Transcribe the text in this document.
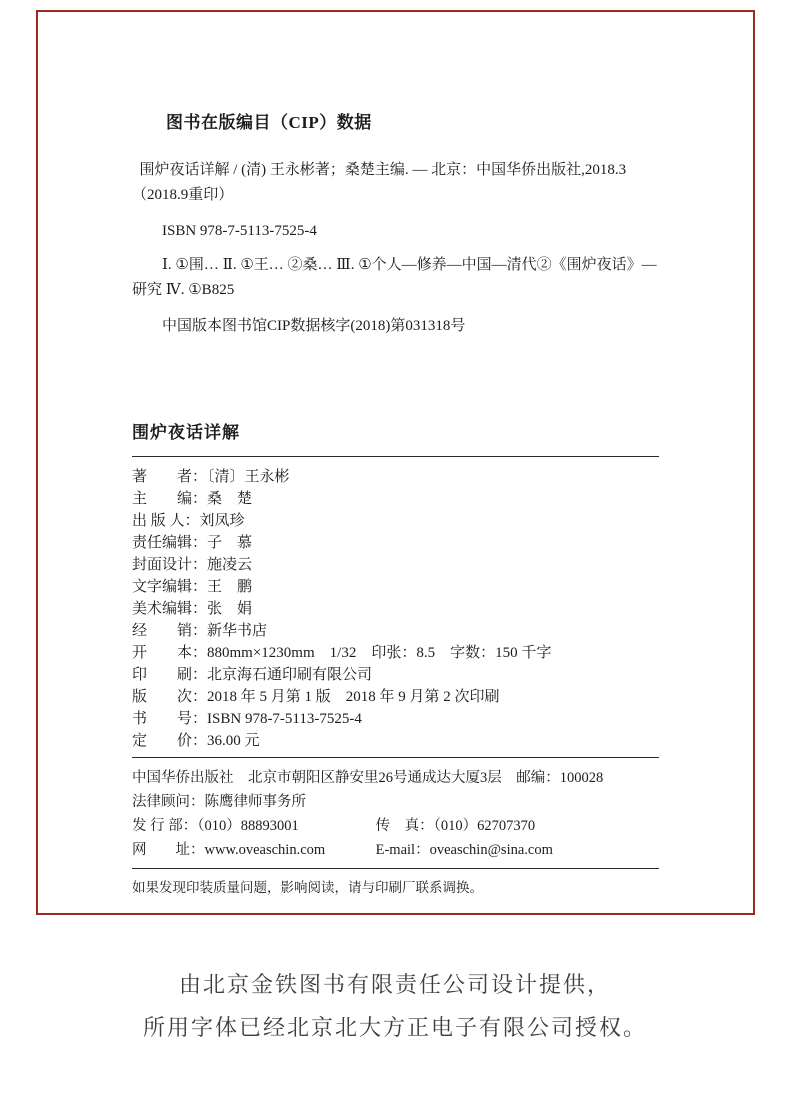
图书在版编目（CIP）数据

围炉夜话详解 / (清) 王永彬著；桑楚主编. — 北京：中国华侨出版社,2018.3（2018.9重印）

ISBN 978-7-5113-7525-4

Ⅰ. ①围… Ⅱ. ①王… ②桑… Ⅲ. ①个人—修养—中国—清代②《围炉夜话》—研究 Ⅳ. ①B825

中国版本图书馆CIP数据核字(2018)第031318号

围炉夜话详解
著　　者：〔清〕王永彬
主　　编：桑　楚
出 版 人：刘凤珍
责任编辑：子　慕
封面设计：施凌云
文字编辑：王　鹏
美术编辑：张　娟
经　　销：新华书店
开　　本：880mm×1230mm　1/32　印张：8.5　字数：150 千字
印　　刷：北京海石通印刷有限公司
版　　次：2018 年 5 月第 1 版　2018 年 9 月第 2 次印刷
书　　号：ISBN 978-7-5113-7525-4
定　　价：36.00 元
中国华侨出版社　北京市朝阳区静安里26号通成达大厦3层　邮编：100028
法律顾问：陈鹰律师事务所
发 行 部：（010）88893001	传　真：（010）62707370
网　　址：www.oveaschin.com	E-mail：oveaschin@sina.com

如果发现印装质量问题，影响阅读，请与印刷厂联系调换。

由北京金铁图书有限责任公司设计提供，

所用字体已经北京北大方正电子有限公司授权。
